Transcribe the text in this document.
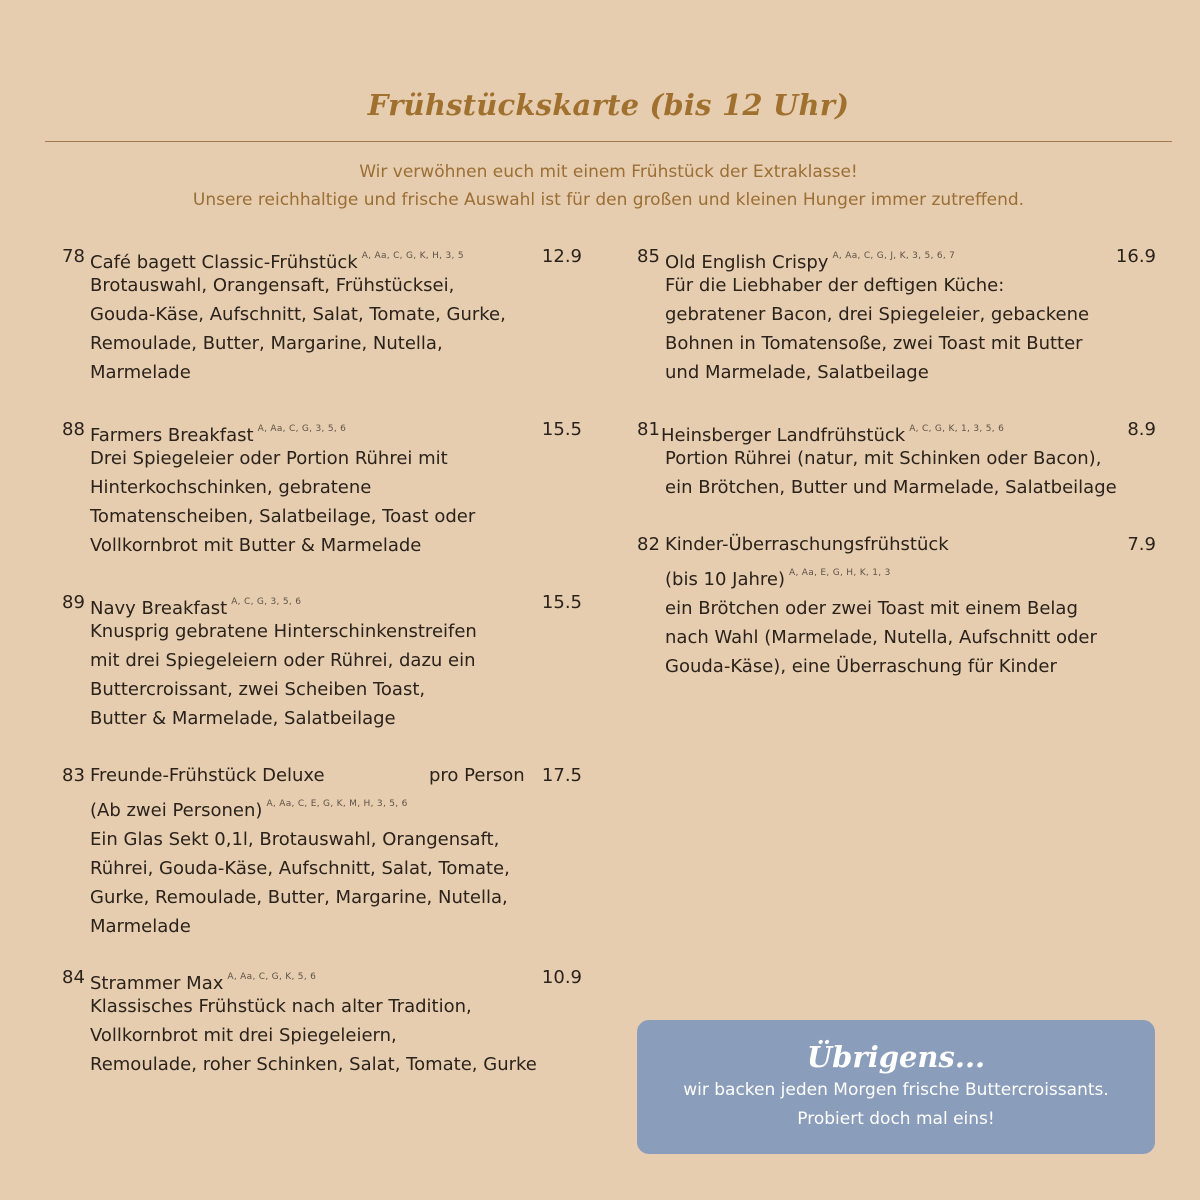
Frühstückskarte (bis 12 Uhr)
Wir verwöhnen euch mit einem Frühstück der Extraklasse!
Unsere reichhaltige und frische Auswahl ist für den großen und kleinen Hunger immer zutreffend.
78 Café bagett Classic-Frühstück $^{A, Aa, C, G, K, H, 3, 5}$	12.9
Brotauswahl, Orangensaft, Frühstücksei,
Gouda-Käse, Aufschnitt, Salat, Tomate, Gurke,
Remoulade, Butter, Margarine, Nutella,
Marmelade
88 Farmers Breakfast $^{A, Aa, C, G, 3, 5, 6}$	15.5
Drei Spiegeleier oder Portion Rührei mit
Hinterkochschinken, gebratene
Tomatenscheiben, Salatbeilage, Toast oder
Vollkornbrot mit Butter & Marmelade
89 Navy Breakfast $^{A, C, G, 3, 5, 6}$	15.5
Knusprig gebratene Hinterschinkenstreifen
mit drei Spiegeleiern oder Rührei, dazu ein
Buttercroissant, zwei Scheiben Toast,
Butter & Marmelade, Salatbeilage
83 Freunde-Frühstück Deluxe	pro Person 17.5
(Ab zwei Personen) $^{A, Aa, C, E, G, K, M, H, 3, 5, 6}$
Ein Glas Sekt 0,1l, Brotauswahl, Orangensaft,
Rührei, Gouda-Käse, Aufschnitt, Salat, Tomate,
Gurke, Remoulade, Butter, Margarine, Nutella,
Marmelade
84 Strammer Max $^{A, Aa, C, G, K, 5, 6}$	10.9
Klassisches Frühstück nach alter Tradition,
Vollkornbrot mit drei Spiegeleiern,
Remoulade, roher Schinken, Salat, Tomate, Gurke
85 Old English Crispy $^{A, Aa, C, G, J, K, 3, 5, 6, 7}$	16.9
Für die Liebhaber der deftigen Küche:
gebratener Bacon, drei Spiegeleier, gebackene
Bohnen in Tomatensoße, zwei Toast mit Butter
und Marmelade, Salatbeilage
81 Heinsberger Landfrühstück $^{A, C, G, K, 1, 3, 5, 6}$	8.9
Portion Rührei (natur, mit Schinken oder Bacon),
ein Brötchen, Butter und Marmelade, Salatbeilage
82 Kinder-Überraschungsfrühstück	7.9
(bis 10 Jahre) $^{A, Aa, E, G, H, K, 1, 3}$
ein Brötchen oder zwei Toast mit einem Belag
nach Wahl (Marmelade, Nutella, Aufschnitt oder
Gouda-Käse), eine Überraschung für Kinder
Übrigens...
wir backen jeden Morgen frische Buttercroissants.
Probiert doch mal eins!
